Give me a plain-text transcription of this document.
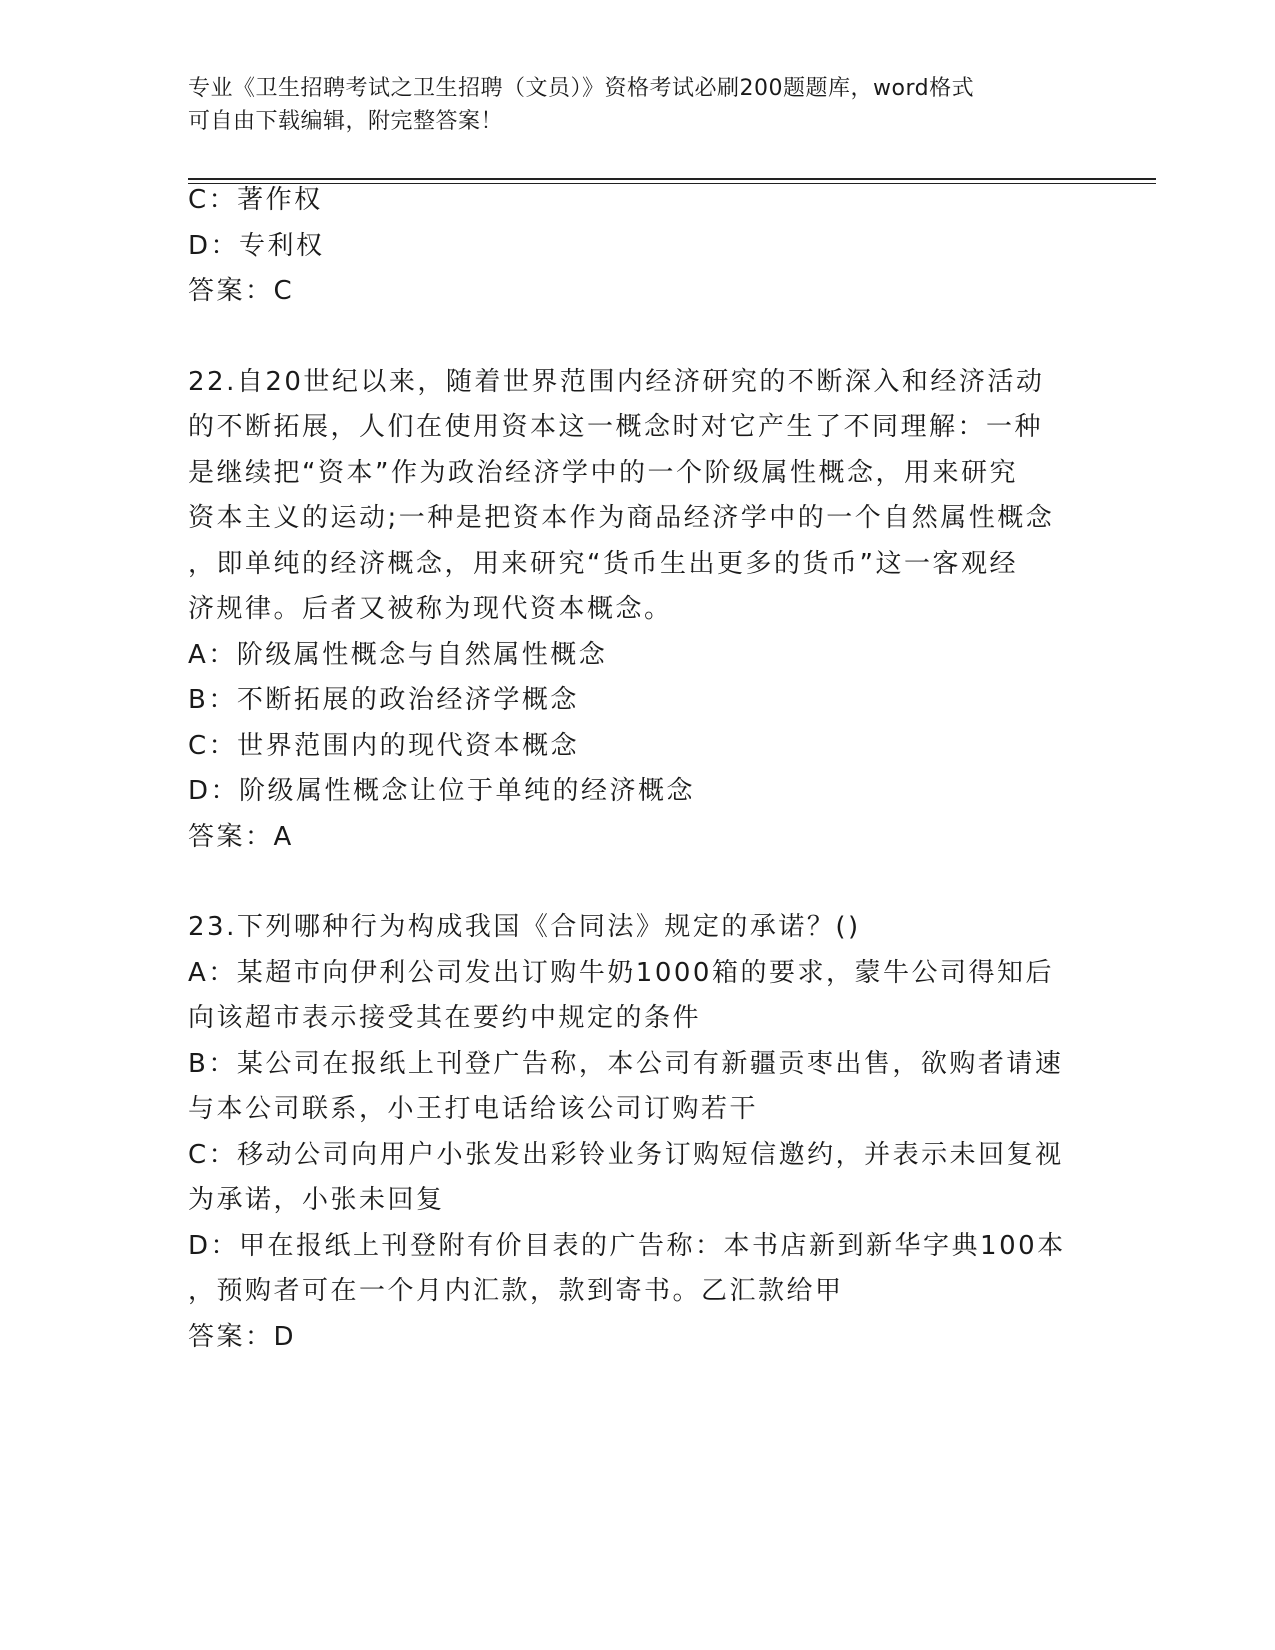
专业《卫生招聘考试之卫生招聘（文员）》资格考试必刷200题题库，word格式
可自由下载编辑，附完整答案！
C：著作权
D：专利权
答案：C
22.自20世纪以来，随着世界范围内经济研究的不断深入和经济活动
的不断拓展，人们在使用资本这一概念时对它产生了不同理解：一种
是继续把“资本”作为政治经济学中的一个阶级属性概念，用来研究
资本主义的运动;一种是把资本作为商品经济学中的一个自然属性概念
，即单纯的经济概念，用来研究“货币生出更多的货币”这一客观经
济规律。后者又被称为现代资本概念。
A：阶级属性概念与自然属性概念
B：不断拓展的政治经济学概念
C：世界范围内的现代资本概念
D：阶级属性概念让位于单纯的经济概念
答案：A
23.下列哪种行为构成我国《合同法》规定的承诺？()
A：某超市向伊利公司发出订购牛奶1000箱的要求，蒙牛公司得知后
向该超市表示接受其在要约中规定的条件
B：某公司在报纸上刊登广告称，本公司有新疆贡枣出售，欲购者请速
与本公司联系，小王打电话给该公司订购若干
C：移动公司向用户小张发出彩铃业务订购短信邀约，并表示未回复视
为承诺，小张未回复
D：甲在报纸上刊登附有价目表的广告称：本书店新到新华字典100本
，预购者可在一个月内汇款，款到寄书。乙汇款给甲
答案：D
